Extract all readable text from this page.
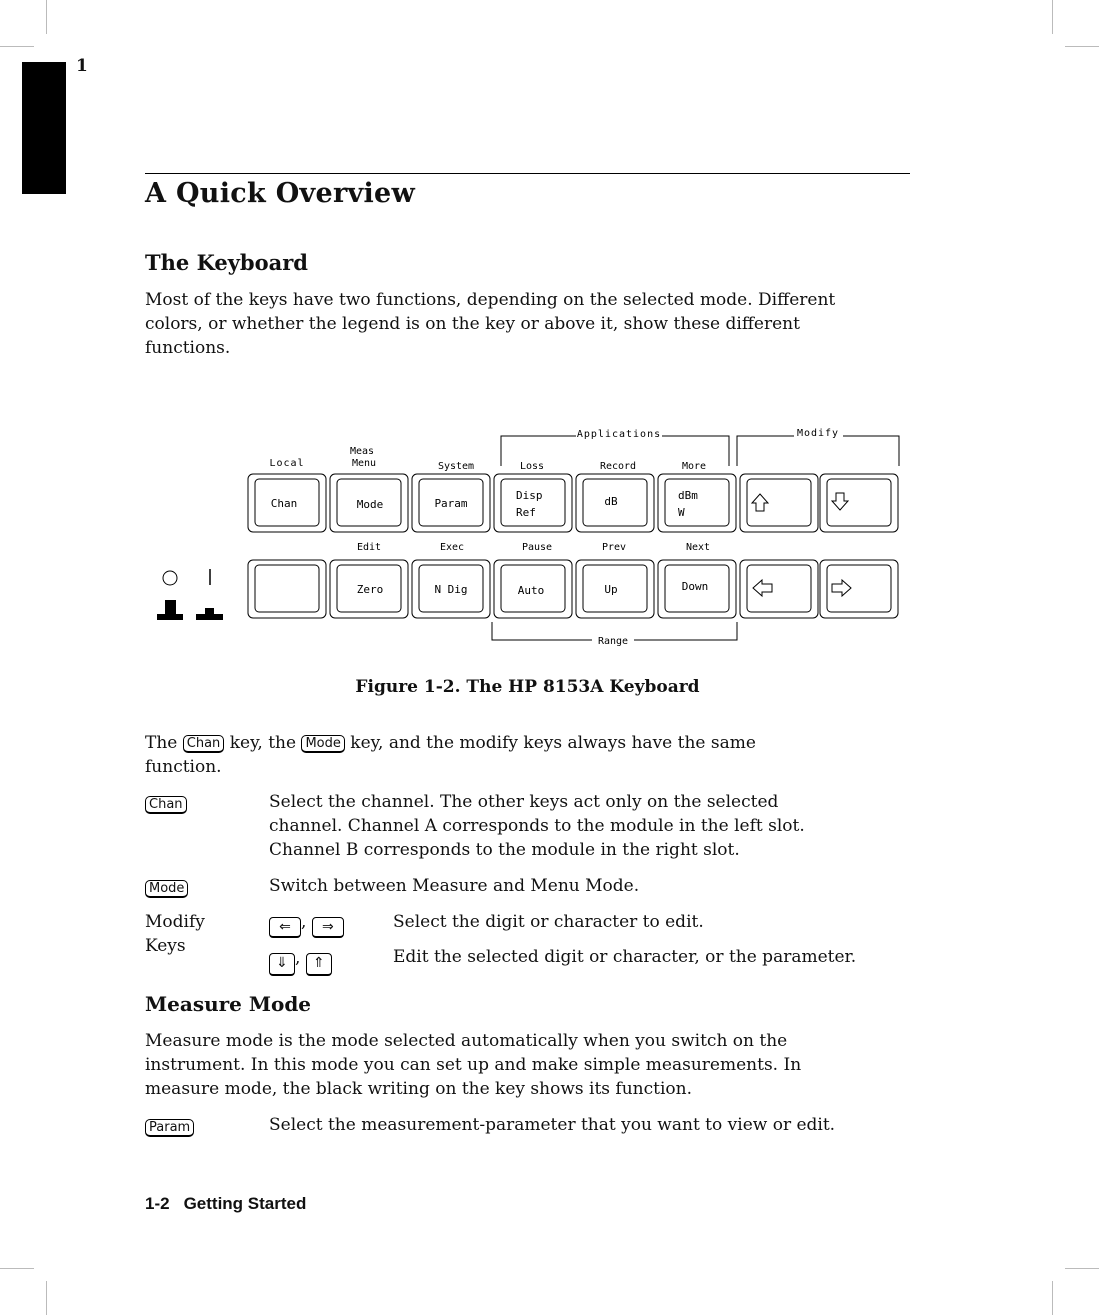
1
A Quick Overview
The Keyboard

Most of the keys have two functions, depending on the selected mode. Different

colors, or whether the legend is on the key or above it, show these different

functions.

Applications	Modify
Range
Local
Meas
Menu	System	Loss	Record	More
Chan	Mode	Param
Disp
Ref
dB	dBm
W
Edit	Exec	Pause	Prev	Next
Zero	N Dig	Auto	Up	Down
Figure 1-2. The HP 8153A Keyboard

The Chan key, the Mode key, and the modify keys always have the same

function.

Chan	Select the channel. The other keys act only on the selected
channel. Channel A corresponds to the module in the left slot.
Channel B corresponds to the module in the right slot.
Mode	Switch between Measure and Menu Mode.
Modify
Keys
⇐ , ⇒	Select the digit or character to edit.
⇓ , ⇑	Edit the selected digit or character, or the parameter.
Measure Mode

Measure mode is the mode selected automatically when you switch on the

instrument. In this mode you can set up and make simple measurements. In

measure mode, the black writing on the key shows its function.

Param	Select the measurement-parameter that you want to view or edit.
1-2 Getting Started
